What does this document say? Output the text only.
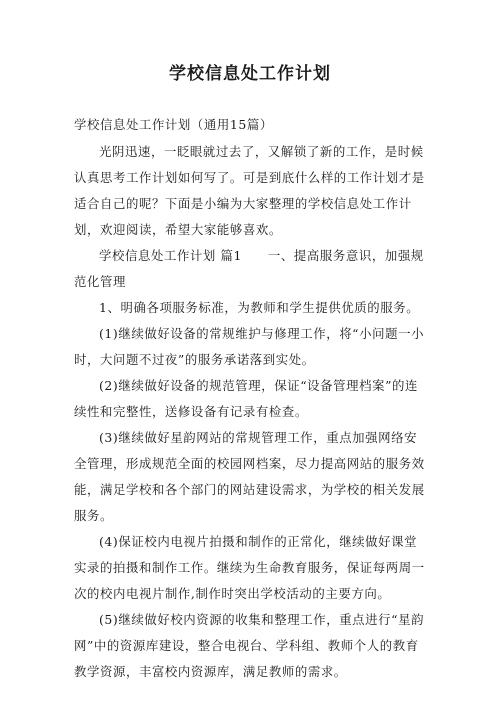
学校信息处工作计划

学校信息处工作计划（通用15篇）

光阴迅速，一眨眼就过去了，又解锁了新的工作，是时候认真思考工作计划如何写了。可是到底什么样的工作计划才是适合自己的呢？下面是小编为大家整理的学校信息处工作计划，欢迎阅读，希望大家能够喜欢。

学校信息处工作计划 篇1　　一、提高服务意识，加强规范化管理

1、明确各项服务标准，为教师和学生提供优质的服务。

(1)继续做好设备的常规维护与修理工作，将“小问题一小时，大问题不过夜”的服务承诺落到实处。

(2)继续做好设备的规范管理，保证“设备管理档案”的连续性和完整性，送修设备有记录有检查。

(3)继续做好星韵网站的常规管理工作，重点加强网络安全管理，形成规范全面的校园网档案，尽力提高网站的服务效能，满足学校和各个部门的网站建设需求，为学校的相关发展服务。

(4)保证校内电视片拍摄和制作的正常化，继续做好课堂实录的拍摄和制作工作。继续为生命教育服务，保证每两周一次的校内电视片制作,制作时突出学校活动的主要方向。

(5)继续做好校内资源的收集和整理工作，重点进行“星韵网”中的资源库建设，整合电视台、学科组、教师个人的教育教学资源，丰富校内资源库，满足教师的需求。
